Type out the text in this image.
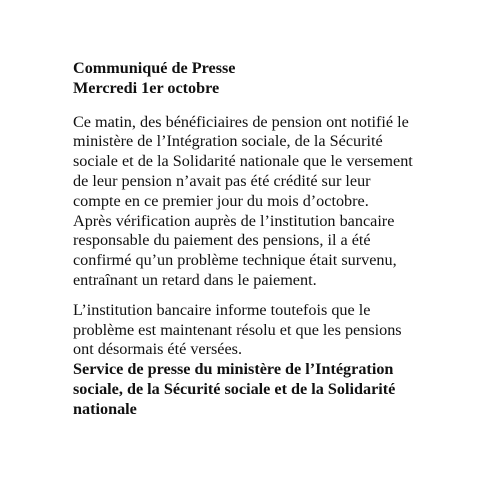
Communiqué de Presse
Mercredi 1er octobre

Ce matin, des bénéficiaires de pension ont notifié le ministère de l’Intégration sociale, de la Sécurité sociale et de la Solidarité nationale que le versement de leur pension n’avait pas été crédité sur leur compte en ce premier jour du mois d’octobre.

Après vérification auprès de l’institution bancaire responsable du paiement des pensions, il a été confirmé qu’un problème technique était survenu, entraînant un retard dans le paiement.

L’institution bancaire informe toutefois que le problème est maintenant résolu et que les pensions ont désormais été versées.

Service de presse du ministère de l’Intégration sociale, de la Sécurité sociale et de la Solidarité nationale
